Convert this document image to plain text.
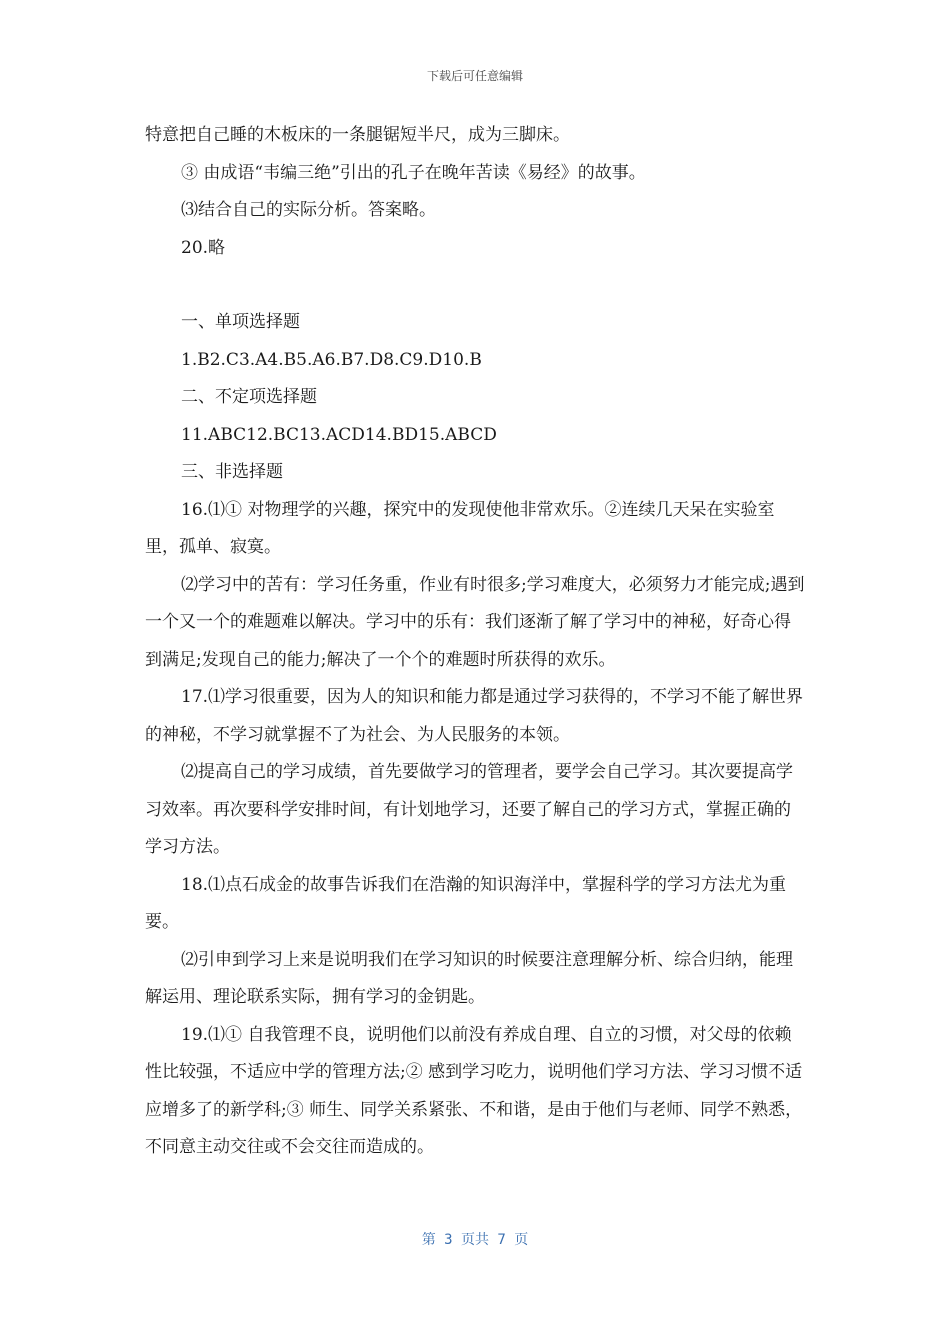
下载后可任意编辑

特意把自己睡的木板床的一条腿锯短半尺，成为三脚床。

③ 由成语“韦编三绝”引出的孔子在晚年苦读《易经》的故事。

⑶结合自己的实际分析。答案略。

20.略

一、单项选择题

1.B2.C3.A4.B5.A6.B7.D8.C9.D10.B

二、不定项选择题

11.ABC12.BC13.ACD14.BD15.ABCD

三、非选择题

16.⑴① 对物理学的兴趣，探究中的发现使他非常欢乐。②连续几天呆在实验室里，孤单、寂寞。

⑵学习中的苦有：学习任务重，作业有时很多;学习难度大，必须努力才能完成;遇到一个又一个的难题难以解决。学习中的乐有：我们逐渐了解了学习中的神秘，好奇心得到满足;发现自己的能力;解决了一个个的难题时所获得的欢乐。

17.⑴学习很重要，因为人的知识和能力都是通过学习获得的，不学习不能了解世界的神秘，不学习就掌握不了为社会、为人民服务的本领。

⑵提高自己的学习成绩，首先要做学习的管理者，要学会自己学习。其次要提高学习效率。再次要科学安排时间，有计划地学习，还要了解自己的学习方式，掌握正确的学习方法。

18.⑴点石成金的故事告诉我们在浩瀚的知识海洋中，掌握科学的学习方法尤为重要。

⑵引申到学习上来是说明我们在学习知识的时候要注意理解分析、综合归纳，能理解运用、理论联系实际，拥有学习的金钥匙。

19.⑴① 自我管理不良，说明他们以前没有养成自理、自立的习惯，对父母的依赖性比较强，不适应中学的管理方法;② 感到学习吃力，说明他们学习方法、学习习惯不适应增多了的新学科;③ 师生、同学关系紧张、不和谐，是由于他们与老师、同学不熟悉，不同意主动交往或不会交往而造成的。

第 3 页共 7 页
